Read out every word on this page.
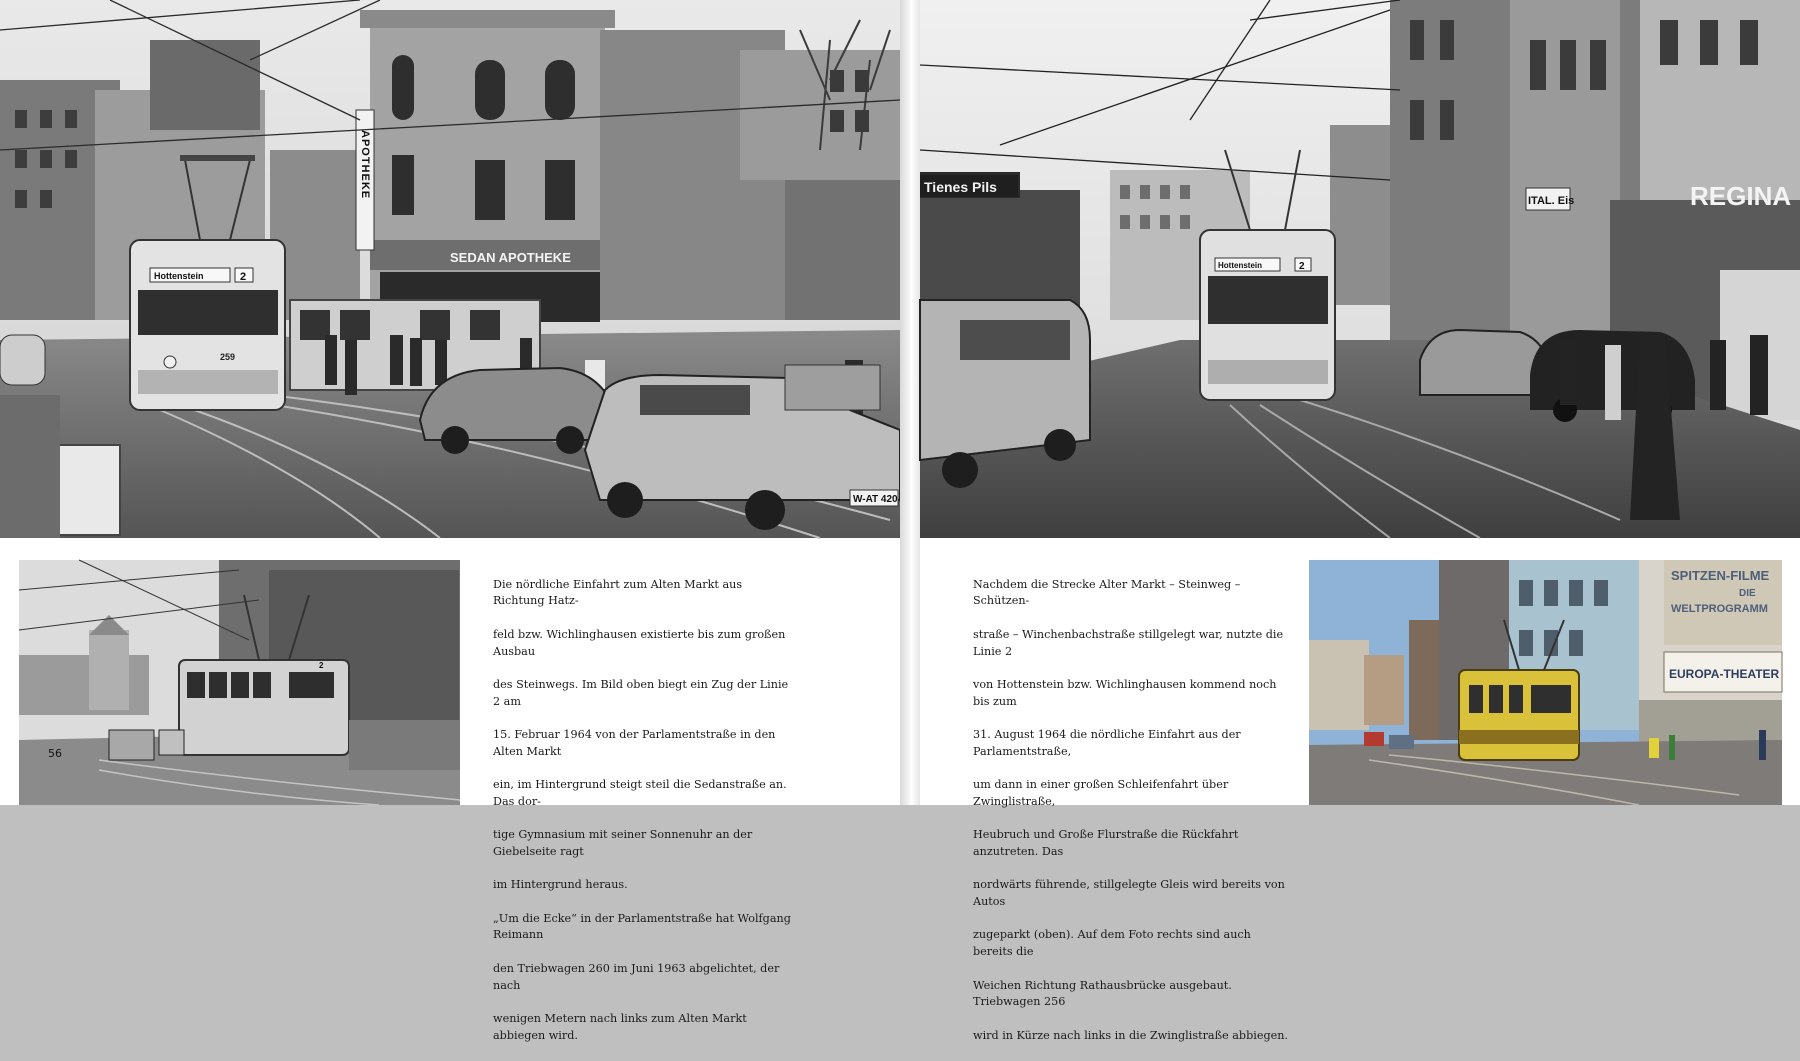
APOTHEKE
SEDAN APOTHEKE
Hottenstein	2
259
W-AT 420
2
56

Die nördliche Einfahrt zum Alten Markt aus Richtung Hatz-

feld bzw. Wichlinghausen existierte bis zum großen Ausbau

des Steinwegs. Im Bild oben biegt ein Zug der Linie 2 am

15. Februar 1964 von der Parlamentstraße in den Alten Markt

ein, im Hintergrund steigt steil die Sedanstraße an. Das dor-

tige Gymnasium mit seiner Sonnenuhr an der Giebelseite ragt

im Hintergrund heraus.

„Um die Ecke“ in der Parlamentstraße hat Wolfgang Reimann

den Triebwagen 260 im Juni 1963 abgelichtet, der nach

wenigen Metern nach links zum Alten Markt abbiegen wird.

Tienes Pils
ITAL. Eis	REGINA
Hottenstein	2

Nachdem die Strecke Alter Markt – Steinweg – Schützen-

straße – Winchenbachstraße stillgelegt war, nutzte die Linie 2

von Hottenstein bzw. Wichlinghausen kommend noch bis zum

31. August 1964 die nördliche Einfahrt aus der Parlamentstraße,

um dann in einer großen Schleifenfahrt über Zwinglistraße,

Heubruch und Große Flurstraße die Rückfahrt anzutreten. Das

nordwärts führende, stillgelegte Gleis wird bereits von Autos

zugeparkt (oben). Auf dem Foto rechts sind auch bereits die

Weichen Richtung Rathausbrücke ausgebaut. Triebwagen 256

wird in Kürze nach links in die Zwinglistraße abbiegen.

SPITZEN-FILME
DIE
WELTPROGRAMM
EUROPA-THEATER
